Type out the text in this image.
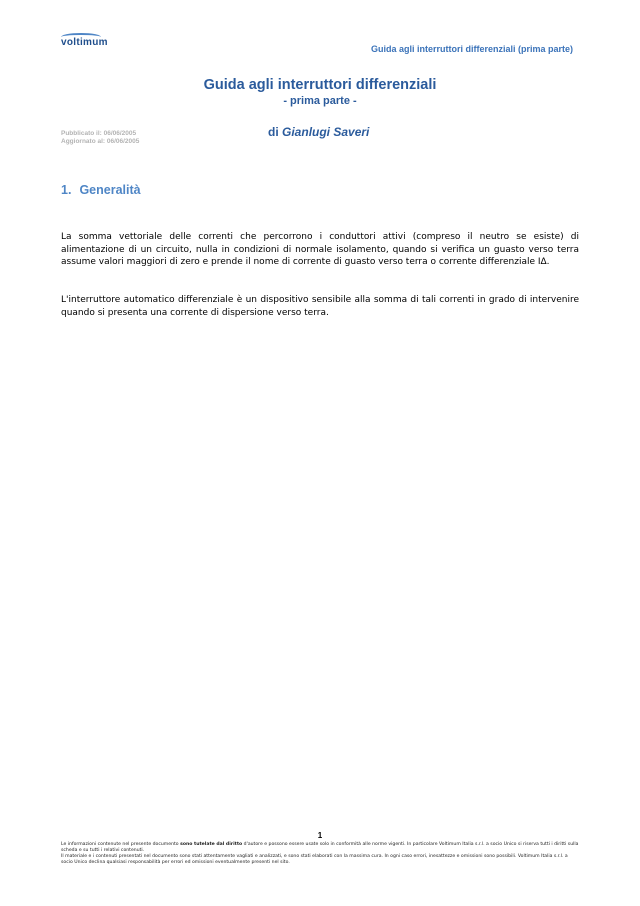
voltimum
Guida agli interruttori differenziali (prima parte)
Guida agli interruttori differenziali
- prima parte -
Pubblicato il: 06/06/2005
Aggiornato al: 06/06/2005
di Gianlugi Saveri
1. Generalità

La somma vettoriale delle correnti che percorrono i conduttori attivi (compreso il neutro se esiste) di alimentazione di un circuito, nulla in condizioni di normale isolamento, quando si verifica un guasto verso terra assume valori maggiori di zero e prende il nome di corrente di guasto verso terra o corrente differenziale IΔ.

L'interruttore automatico differenziale è un dispositivo sensibile alla somma di tali correnti in grado di intervenire quando si presenta una corrente di dispersione verso terra.

1
Le informazioni contenute nel presente documento sono tutelate dal diritto d'autore e possono essere usate solo in conformità alle norme vigenti. In particolare Voltimum Italia s.r.l. a socio Unico si riserva tutti i diritti sulla scheda e su tutti i relativi contenuti.
Il materiale e i contenuti presentati nel documento sono stati attentamente vagliati e analizzati, e sono stati elaborati con la massima cura. In ogni caso errori, inesattezze e omissioni sono possibili. Voltimum Italia s.r.l. a socio Unico declina qualsiasi responsabilità per errori ed omissioni eventualmente presenti nel sito.
